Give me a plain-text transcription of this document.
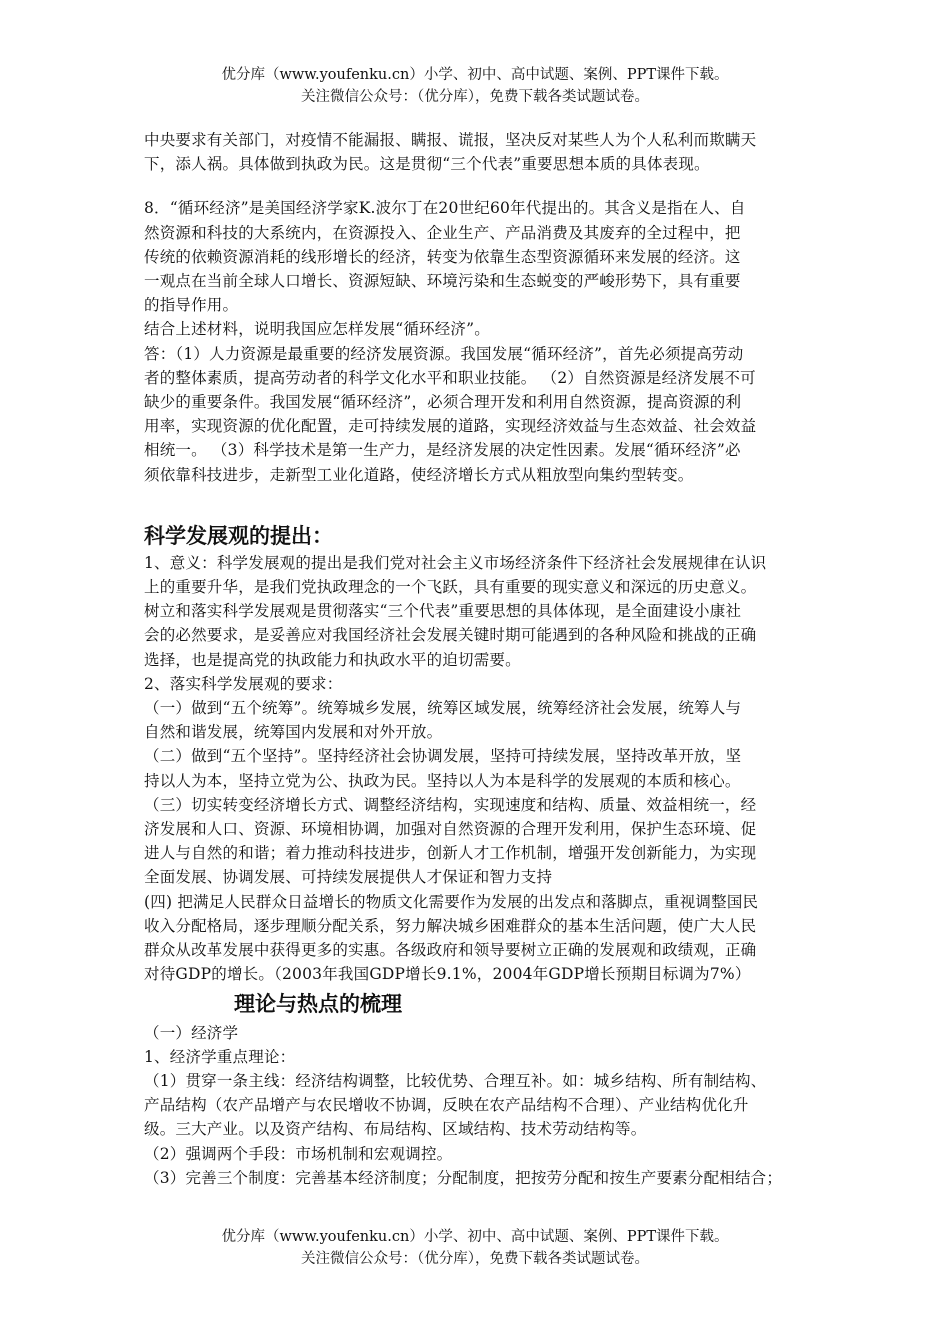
优分库（www.youfenku.cn）小学、初中、高中试题、案例、PPT课件下载。
关注微信公众号：（优分库），免费下载各类试题试卷。

中央要求有关部门，对疫情不能漏报、瞒报、谎报，坚决反对某些人为个人私利而欺瞒天

下，添人祸。具体做到执政为民。这是贯彻“三个代表”重要思想本质的具体表现。

8．“循环经济”是美国经济学家K.波尔丁在20世纪60年代提出的。其含义是指在人、自

然资源和科技的大系统内，在资源投入、企业生产、产品消费及其废弃的全过程中，把

传统的依赖资源消耗的线形增长的经济，转变为依靠生态型资源循环来发展的经济。这

一观点在当前全球人口增长、资源短缺、环境污染和生态蜕变的严峻形势下，具有重要

的指导作用。

结合上述材料，说明我国应怎样发展“循环经济”。

答：（1）人力资源是最重要的经济发展资源。我国发展“循环经济”，首先必须提高劳动

者的整体素质，提高劳动者的科学文化水平和职业技能。 （2）自然资源是经济发展不可

缺少的重要条件。我国发展“循环经济”，必须合理开发和利用自然资源，提高资源的利

用率，实现资源的优化配置，走可持续发展的道路，实现经济效益与生态效益、社会效益

相统一。 （3）科学技术是第一生产力，是经济发展的决定性因素。发展“循环经济”必

须依靠科技进步，走新型工业化道路，使经济增长方式从粗放型向集约型转变。

科学发展观的提出：

1、意义：科学发展观的提出是我们党对社会主义市场经济条件下经济社会发展规律在认识

上的重要升华，是我们党执政理念的一个飞跃，具有重要的现实意义和深远的历史意义。

树立和落实科学发展观是贯彻落实“三个代表”重要思想的具体体现，是全面建设小康社

会的必然要求，是妥善应对我国经济社会发展关键时期可能遇到的各种风险和挑战的正确

选择，也是提高党的执政能力和执政水平的迫切需要。

2、落实科学发展观的要求：

（一）做到“五个统筹”。统筹城乡发展，统筹区域发展，统筹经济社会发展，统筹人与

自然和谐发展，统筹国内发展和对外开放。

（二）做到“五个坚持”。坚持经济社会协调发展，坚持可持续发展，坚持改革开放，坚

持以人为本，坚持立党为公、执政为民。坚持以人为本是科学的发展观的本质和核心。

（三）切实转变经济增长方式、调整经济结构，实现速度和结构、质量、效益相统一，经

济发展和人口、资源、环境相协调，加强对自然资源的合理开发利用，保护生态环境、促

进人与自然的和谐；着力推动科技进步，创新人才工作机制，增强开发创新能力，为实现

全面发展、协调发展、可持续发展提供人才保证和智力支持

(四) 把满足人民群众日益增长的物质文化需要作为发展的出发点和落脚点，重视调整国民

收入分配格局，逐步理顺分配关系，努力解决城乡困难群众的基本生活问题，使广大人民

群众从改革发展中获得更多的实惠。各级政府和领导要树立正确的发展观和政绩观，正确

对待GDP的增长。（2003年我国GDP增长9.1%，2004年GDP增长预期目标调为7%）

理论与热点的梳理

（一）经济学

1、经济学重点理论：

（1）贯穿一条主线：经济结构调整，比较优势、合理互补。如：城乡结构、所有制结构、

产品结构（农产品增产与农民增收不协调，反映在农产品结构不合理）、产业结构优化升

级。三大产业。以及资产结构、布局结构、区域结构、技术劳动结构等。

（2）强调两个手段：市场机制和宏观调控。

（3）完善三个制度：完善基本经济制度；分配制度，把按劳分配和按生产要素分配相结合；

优分库（www.youfenku.cn）小学、初中、高中试题、案例、PPT课件下载。
关注微信公众号：（优分库），免费下载各类试题试卷。
